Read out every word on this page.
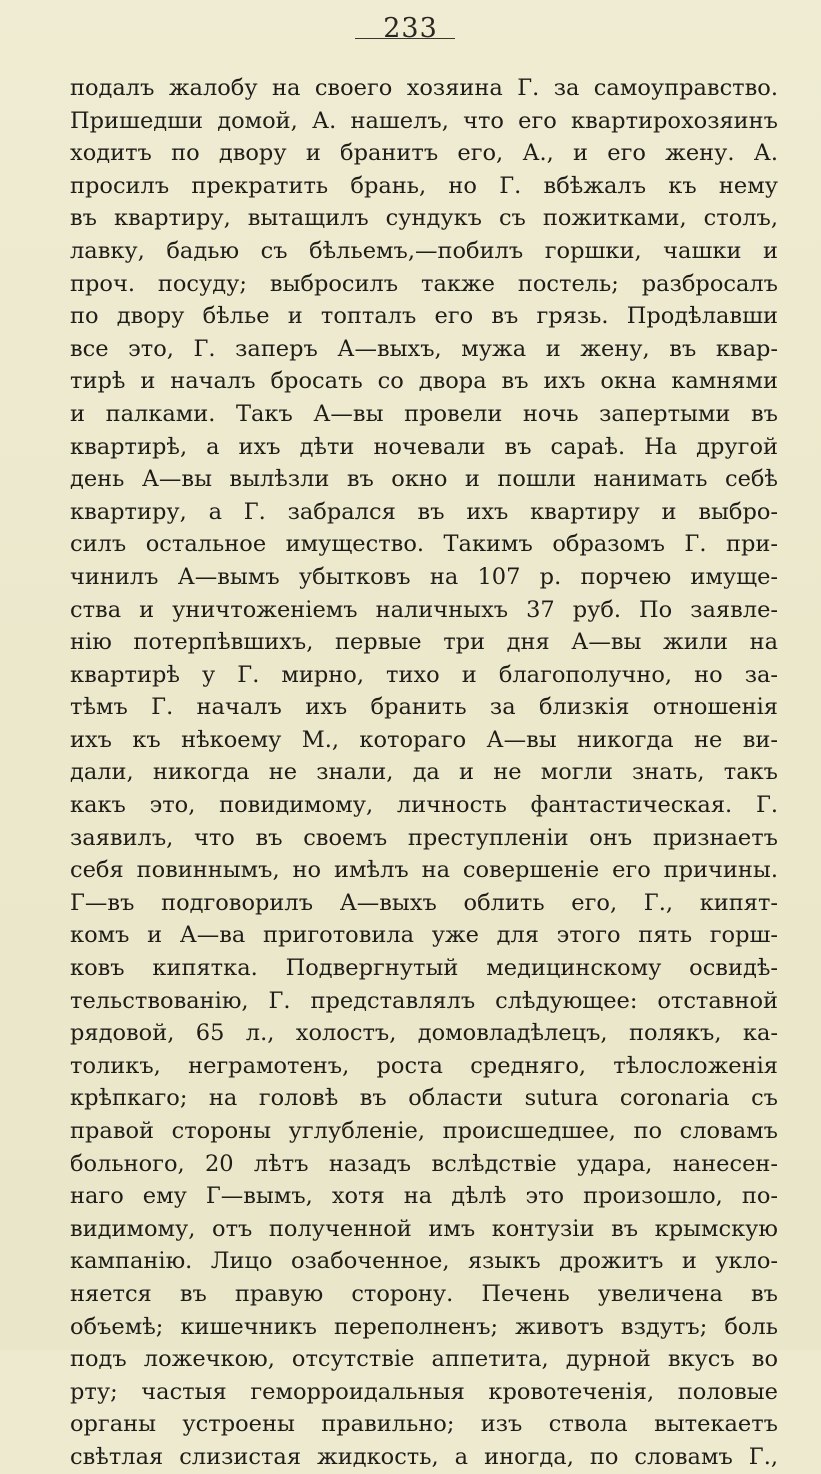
233
подалъ жалобу на своего хозяина Г. за самоуправство.
Пришедши домой, А. нашелъ, что его квартирохозяинъ
ходитъ по двору и бранитъ его, А., и его жену. А.
просилъ прекратить брань, но Г. вбѣжалъ къ нему
въ квартиру, вытащилъ сундукъ съ пожитками, столъ,
лавку, бадью съ бѣльемъ,—побилъ горшки, чашки и
проч. посуду; выбросилъ также постель; разбросалъ
по двору бѣлье и топталъ его въ грязь. Продѣлавши
все это, Г. заперъ А—выхъ, мужа и жену, въ квар-
тирѣ и началъ бросать со двора въ ихъ окна камнями
и палками. Такъ А—вы провели ночь запертыми въ
квартирѣ, а ихъ дѣти ночевали въ сараѣ. На другой
день А—вы вылѣзли въ окно и пошли нанимать себѣ
квартиру, а Г. забрался въ ихъ квартиру и выбро-
силъ остальное имущество. Такимъ образомъ Г. при-
чинилъ А—вымъ убытковъ на 107 р. порчею имуще-
ства и уничтоженіемъ наличныхъ 37 руб. По заявле-
нію потерпѣвшихъ, первые три дня А—вы жили на
квартирѣ у Г. мирно, тихо и благополучно, но за-
тѣмъ Г. началъ ихъ бранить за близкія отношенія
ихъ къ нѣкоему М., котораго А—вы никогда не ви-
дали, никогда не знали, да и не могли знать, такъ
какъ это, повидимому, личность фантастическая. Г.
заявилъ, что въ своемъ преступленіи онъ признаетъ
себя повиннымъ, но имѣлъ на совершеніе его причины.
Г—въ подговорилъ А—выхъ облить его, Г., кипят-
комъ и А—ва приготовила уже для этого пять горш-
ковъ кипятка. Подвергнутый медицинскому освидѣ-
тельствованію, Г. представлялъ слѣдующее: отставной
рядовой, 65 л., холостъ, домовладѣлецъ, полякъ, ка-
толикъ, неграмотенъ, роста средняго, тѣлосложенія
крѣпкаго; на головѣ въ области sutura coronaria съ
правой стороны углубленіе, происшедшее, по словамъ
больного, 20 лѣтъ назадъ вслѣдствіе удара, нанесен-
наго ему Г—вымъ, хотя на дѣлѣ это произошло, по-
видимому, отъ полученной имъ контузіи въ крымскую
кампанію. Лицо озабоченное, языкъ дрожитъ и укло-
няется въ правую сторону. Печень увеличена въ
объемѣ; кишечникъ переполненъ; животъ вздутъ; боль
подъ ложечкою, отсутствіе аппетита, дурной вкусъ во
рту; частыя геморроидальныя кровотеченія, половые
органы устроены правильно; изъ ствола вытекаетъ
свѣтлая слизистая жидкость, а иногда, по словамъ Г.,
